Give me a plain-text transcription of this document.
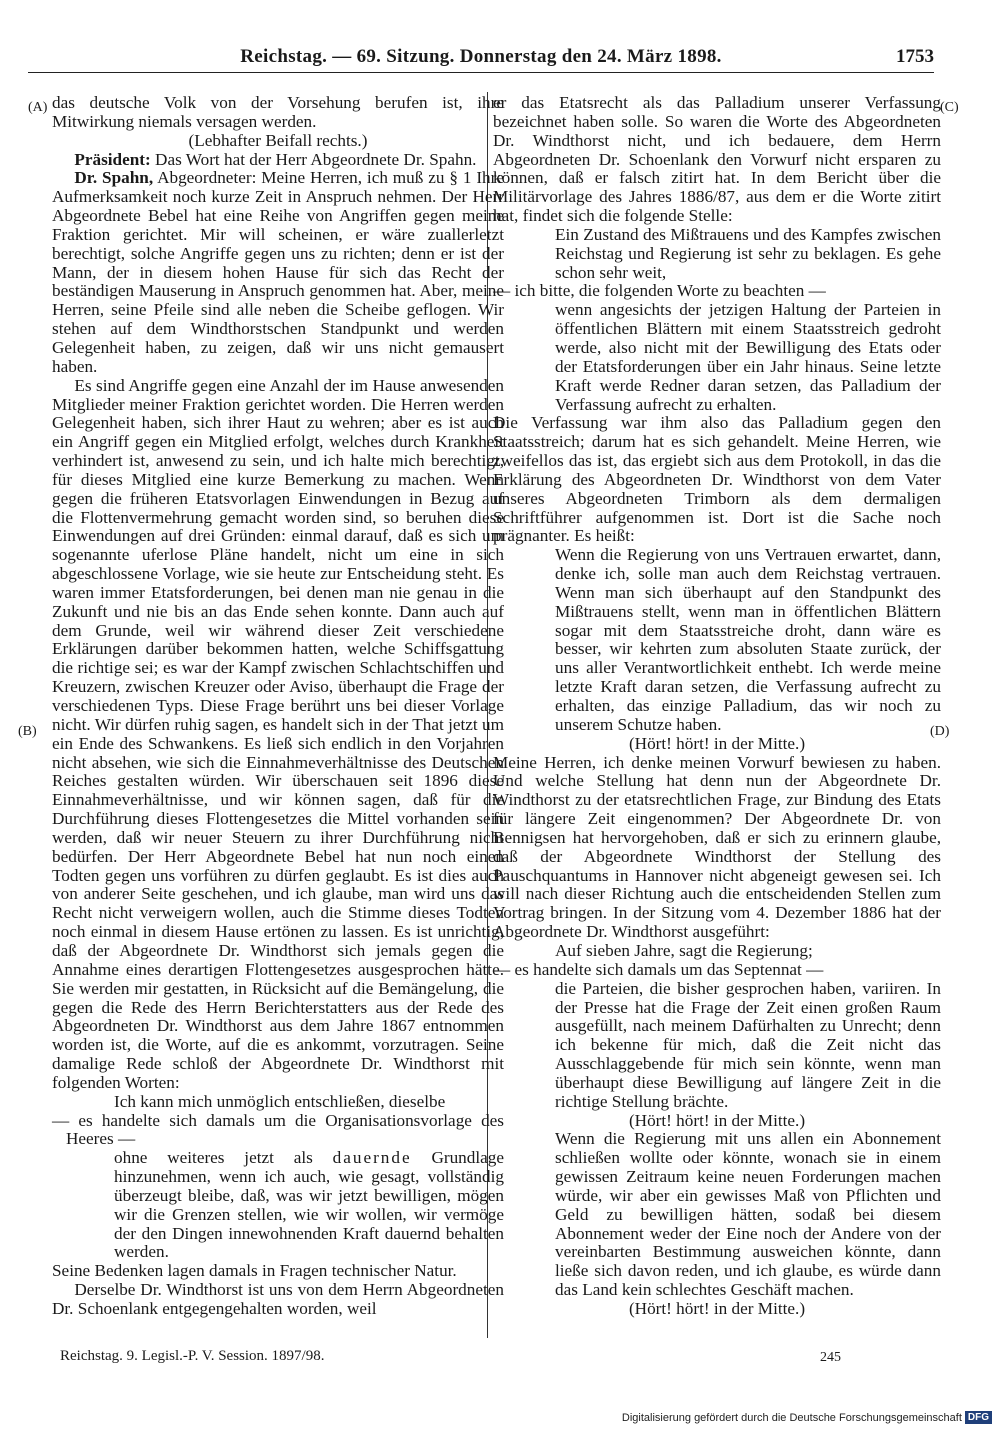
Reichstag. — 69. Sitzung. Donnerstag den 24. März 1898.	1753
(A)
(B)
(C)
(D)

das deutsche Volk von der Vorsehung berufen ist, ihre Mitwirkung niemals versagen werden.

(Lebhafter Beifall rechts.)

Präsident: Das Wort hat der Herr Abgeordnete Dr. Spahn.

Dr. Spahn, Abgeordneter: Meine Herren, ich muß zu § 1 Ihre Aufmerksamkeit noch kurze Zeit in Anspruch nehmen. Der Herr Abgeordnete Bebel hat eine Reihe von Angriffen gegen meine Fraktion gerichtet. Mir will scheinen, er wäre zuallerletzt berechtigt, solche Angriffe gegen uns zu richten; denn er ist der Mann, der in diesem hohen Hause für sich das Recht der beständigen Mauserung in Anspruch genommen hat. Aber, meine Herren, seine Pfeile sind alle neben die Scheibe geflogen. Wir stehen auf dem Windthorstschen Standpunkt und werden Gelegenheit haben, zu zeigen, daß wir uns nicht gemausert haben.

Es sind Angriffe gegen eine Anzahl der im Hause anwesenden Mitglieder meiner Fraktion gerichtet worden. Die Herren werden Gelegenheit haben, sich ihrer Haut zu wehren; aber es ist auch ein Angriff gegen ein Mitglied erfolgt, welches durch Krankheit verhindert ist, anwesend zu sein, und ich halte mich berechtigt, für dieses Mitglied eine kurze Bemerkung zu machen. Wenn gegen die früheren Etatsvorlagen Einwendungen in Bezug auf die Flottenvermehrung gemacht worden sind, so beruhen diese Einwendungen auf drei Gründen: einmal darauf, daß es sich um sogenannte uferlose Pläne handelt, nicht um eine in sich abgeschlossene Vorlage, wie sie heute zur Entscheidung steht. Es waren immer Etatsforderungen, bei denen man nie genau in die Zukunft und nie bis an das Ende sehen konnte. Dann auch auf dem Grunde, weil wir während dieser Zeit verschiedene Erklärungen darüber bekommen hatten, welche Schiffsgattung die richtige sei; es war der Kampf zwischen Schlachtschiffen und Kreuzern, zwischen Kreuzer oder Aviso, überhaupt die Frage der verschiedenen Typs. Diese Frage berührt uns bei dieser Vorlage nicht. Wir dürfen ruhig sagen, es handelt sich in der That jetzt um ein Ende des Schwankens. Es ließ sich endlich in den Vorjahren nicht absehen, wie sich die Einnahmeverhältnisse des Deutschen Reiches gestalten würden. Wir überschauen seit 1896 diese Einnahmeverhältnisse, und wir können sagen, daß für die Durchführung dieses Flottengesetzes die Mittel vorhanden sein werden, daß wir neuer Steuern zu ihrer Durchführung nicht bedürfen. Der Herr Abgeordnete Bebel hat nun noch einen Todten gegen uns vorführen zu dürfen geglaubt. Es ist dies auch von anderer Seite geschehen, und ich glaube, man wird uns das Recht nicht verweigern wollen, auch die Stimme dieses Todten noch einmal in diesem Hause ertönen zu lassen. Es ist unrichtig, daß der Abgeordnete Dr. Windthorst sich jemals gegen die Annahme eines derartigen Flottengesetzes ausgesprochen hätte. Sie werden mir gestatten, in Rücksicht auf die Bemängelung, die gegen die Rede des Herrn Berichterstatters aus der Rede des Abgeordneten Dr. Windthorst aus dem Jahre 1867 entnommen worden ist, die Worte, auf die es ankommt, vorzutragen. Seine damalige Rede schloß der Abgeordnete Dr. Windthorst mit folgenden Worten:

Ich kann mich unmöglich entschließen, dieselbe

— es handelte sich damals um die Organisationsvorlage des Heeres —

ohne weiteres jetzt als dauernde Grundlage hinzunehmen, wenn ich auch, wie gesagt, vollständig überzeugt bleibe, daß, was wir jetzt bewilligen, mögen wir die Grenzen stellen, wie wir wollen, wir vermöge der den Dingen innewohnenden Kraft dauernd behalten werden.

Seine Bedenken lagen damals in Fragen technischer Natur.

Derselbe Dr. Windthorst ist uns von dem Herrn Abgeordneten Dr. Schoenlank entgegengehalten worden, weil

er das Etatsrecht als das Palladium unserer Verfassung bezeichnet haben solle. So waren die Worte des Abgeordneten Dr. Windthorst nicht, und ich bedauere, dem Herrn Abgeordneten Dr. Schoenlank den Vorwurf nicht ersparen zu können, daß er falsch zitirt hat. In dem Bericht über die Militärvorlage des Jahres 1886/87, aus dem er die Worte zitirt hat, findet sich die folgende Stelle:

Ein Zustand des Mißtrauens und des Kampfes zwischen Reichstag und Regierung ist sehr zu beklagen. Es gehe schon sehr weit,

— ich bitte, die folgenden Worte zu beachten —

wenn angesichts der jetzigen Haltung der Parteien in öffentlichen Blättern mit einem Staatsstreich gedroht werde, also nicht mit der Bewilligung des Etats oder der Etatsforderungen über ein Jahr hinaus. Seine letzte Kraft werde Redner daran setzen, das Palladium der Verfassung aufrecht zu erhalten.

Die Verfassung war ihm also das Palladium gegen den Staatsstreich; darum hat es sich gehandelt. Meine Herren, wie zweifellos das ist, das ergiebt sich aus dem Protokoll, in das die Erklärung des Abgeordneten Dr. Windthorst von dem Vater unseres Abgeordneten Trimborn als dem dermaligen Schriftführer aufgenommen ist. Dort ist die Sache noch prägnanter. Es heißt:

Wenn die Regierung von uns Vertrauen erwartet, dann, denke ich, solle man auch dem Reichstag vertrauen. Wenn man sich überhaupt auf den Standpunkt des Mißtrauens stellt, wenn man in öffentlichen Blättern sogar mit dem Staatsstreiche droht, dann wäre es besser, wir kehrten zum absoluten Staate zurück, der uns aller Verantwortlichkeit enthebt. Ich werde meine letzte Kraft daran setzen, die Verfassung aufrecht zu erhalten, das einzige Palladium, das wir noch zu unserem Schutze haben.

(Hört! hört! in der Mitte.)

Meine Herren, ich denke meinen Vorwurf bewiesen zu haben. Und welche Stellung hat denn nun der Abgeordnete Dr. Windthorst zu der etatsrechtlichen Frage, zur Bindung des Etats für längere Zeit eingenommen? Der Abgeordnete Dr. von Bennigsen hat hervorgehoben, daß er sich zu erinnern glaube, daß der Abgeordnete Windthorst der Stellung des Pauschquantums in Hannover nicht abgeneigt gewesen sei. Ich will nach dieser Richtung auch die entscheidenden Stellen zum Vortrag bringen. In der Sitzung vom 4. Dezember 1886 hat der Abgeordnete Dr. Windthorst ausgeführt:

Auf sieben Jahre, sagt die Regierung;

— es handelte sich damals um das Septennat —

die Parteien, die bisher gesprochen haben, variiren. In der Presse hat die Frage der Zeit einen großen Raum ausgefüllt, nach meinem Dafürhalten zu Unrecht; denn ich bekenne für mich, daß die Zeit nicht das Ausschlaggebende für mich sein könnte, wenn man überhaupt diese Bewilligung auf längere Zeit in die richtige Stellung brächte.

(Hört! hört! in der Mitte.)

Wenn die Regierung mit uns allen ein Abonnement schließen wollte oder könnte, wonach sie in einem gewissen Zeitraum keine neuen Forderungen machen würde, wir aber ein gewisses Maß von Pflichten und Geld zu bewilligen hätten, sodaß bei diesem Abonnement weder der Eine noch der Andere von der vereinbarten Bestimmung ausweichen könnte, dann ließe sich davon reden, und ich glaube, es würde dann das Land kein schlechtes Geschäft machen.

(Hört! hört! in der Mitte.)

Reichstag. 9. Legisl.-P. V. Session. 1897/98.	245
Digitalisierung gefördert durch die Deutsche Forschungsgemeinschaft DFG
